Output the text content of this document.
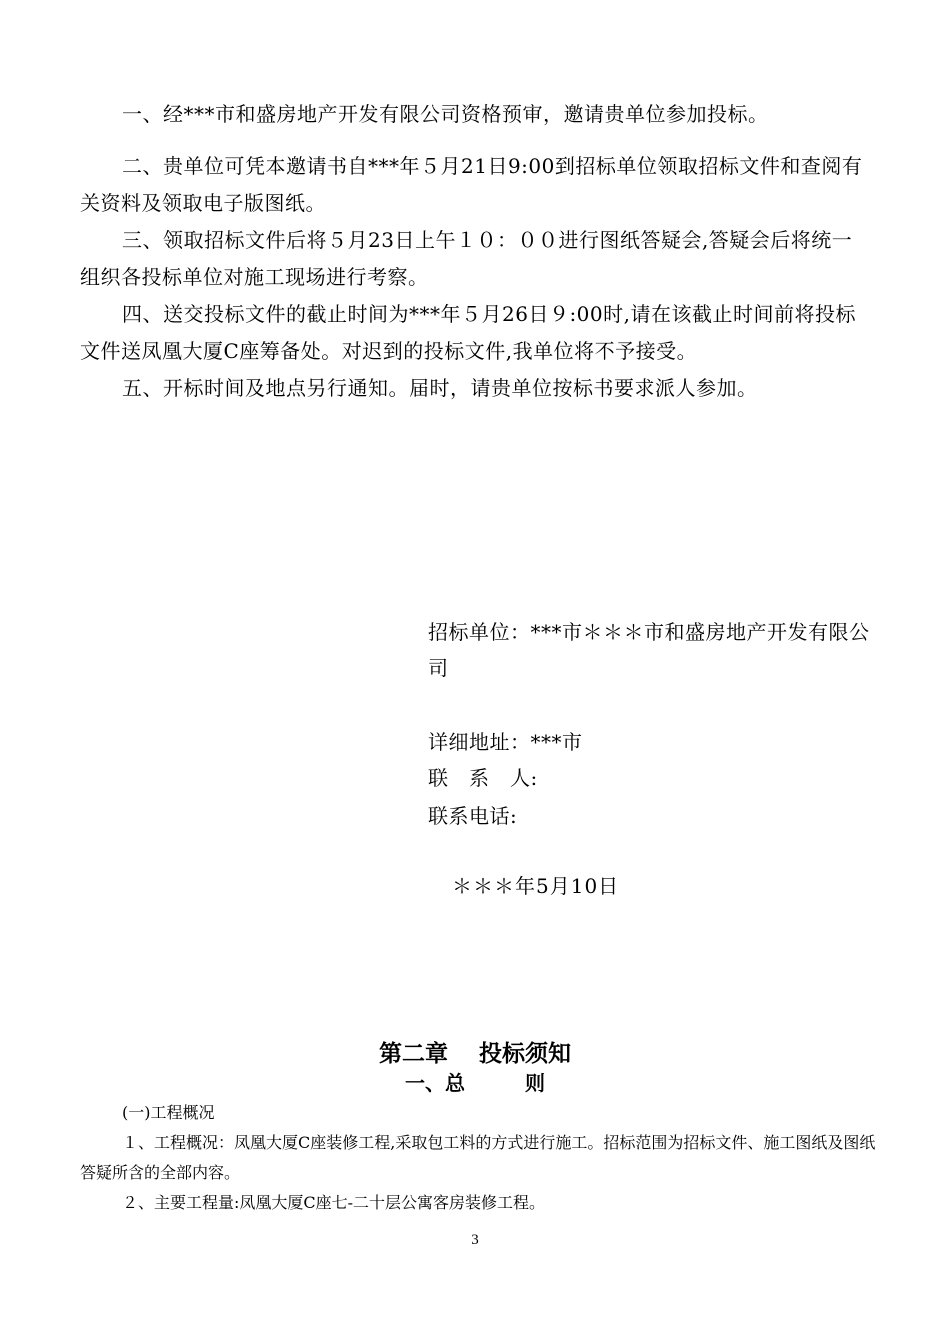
一、经***市和盛房地产开发有限公司资格预审，邀请贵单位参加投标。

二、贵单位可凭本邀请书自***年５月21日9:00到招标单位领取招标文件和查阅有关资料及领取电子版图纸。

三、领取招标文件后将５月23日上午１０：００进行图纸答疑会,答疑会后将统一组织各投标单位对施工现场进行考察。

四、送交投标文件的截止时间为***年５月26日９:00时,请在该截止时间前将投标文件送凤凰大厦C座筹备处。对迟到的投标文件,我单位将不予接受。

五、开标时间及地点另行通知。届时，请贵单位按标书要求派人参加。

招标单位：***市＊＊＊市和盛房地产开发有限公司
详细地址：***市
联　系　人:
联系电话:
＊＊＊年5月10日
第二章　 投标须知
一、总　　　则
(一)工程概况
１、工程概况：凤凰大厦C座装修工程,采取包工料的方式进行施工。招标范围为招标文件、施工图纸及图纸答疑所含的全部内容。
２、主要工程量:凤凰大厦C座七-二十层公寓客房装修工程。
3
